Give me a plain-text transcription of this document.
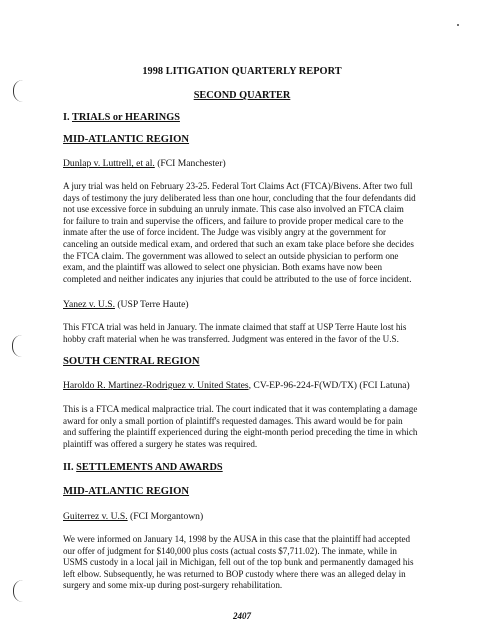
1998 LITIGATION QUARTERLY REPORT
SECOND QUARTER
I. TRIALS or HEARINGS
MID-ATLANTIC REGION
Dunlap v. Luttrell, et al. (FCI Manchester)
A jury trial was held on February 23-25. Federal Tort Claims Act (FTCA)/Bivens. After two full
days of testimony the jury deliberated less than one hour, concluding that the four defendants did
not use excessive force in subduing an unruly inmate. This case also involved an FTCA claim
for failure to train and supervise the officers, and failure to provide proper medical care to the
inmate after the use of force incident. The Judge was visibly angry at the government for
canceling an outside medical exam, and ordered that such an exam take place before she decides
the FTCA claim. The government was allowed to select an outside physician to perform one
exam, and the plaintiff was allowed to select one physician. Both exams have now been
completed and neither indicates any injuries that could be attributed to the use of force incident.
Yanez v. U.S. (USP Terre Haute)
This FTCA trial was held in January. The inmate claimed that staff at USP Terre Haute lost his
hobby craft material when he was transferred. Judgment was entered in the favor of the U.S.
SOUTH CENTRAL REGION
Haroldo R. Martinez-Rodriguez v. United States, CV-EP-96-224-F(WD/TX) (FCI Latuna)
This is a FTCA medical malpractice trial. The court indicated that it was contemplating a damage
award for only a small portion of plaintiff's requested damages. This award would be for pain
and suffering the plaintiff experienced during the eight-month period preceding the time in which
plaintiff was offered a surgery he states was required.
II. SETTLEMENTS AND AWARDS
MID-ATLANTIC REGION
Guiterrez v. U.S. (FCI Morgantown)
We were informed on January 14, 1998 by the AUSA in this case that the plaintiff had accepted
our offer of judgment for $140,000 plus costs (actual costs $7,711.02). The inmate, while in
USMS custody in a local jail in Michigan, fell out of the top bunk and permanently damaged his
left elbow. Subsequently, he was returned to BOP custody where there was an alleged delay in
surgery and some mix-up during post-surgery rehabilitation.
2407
